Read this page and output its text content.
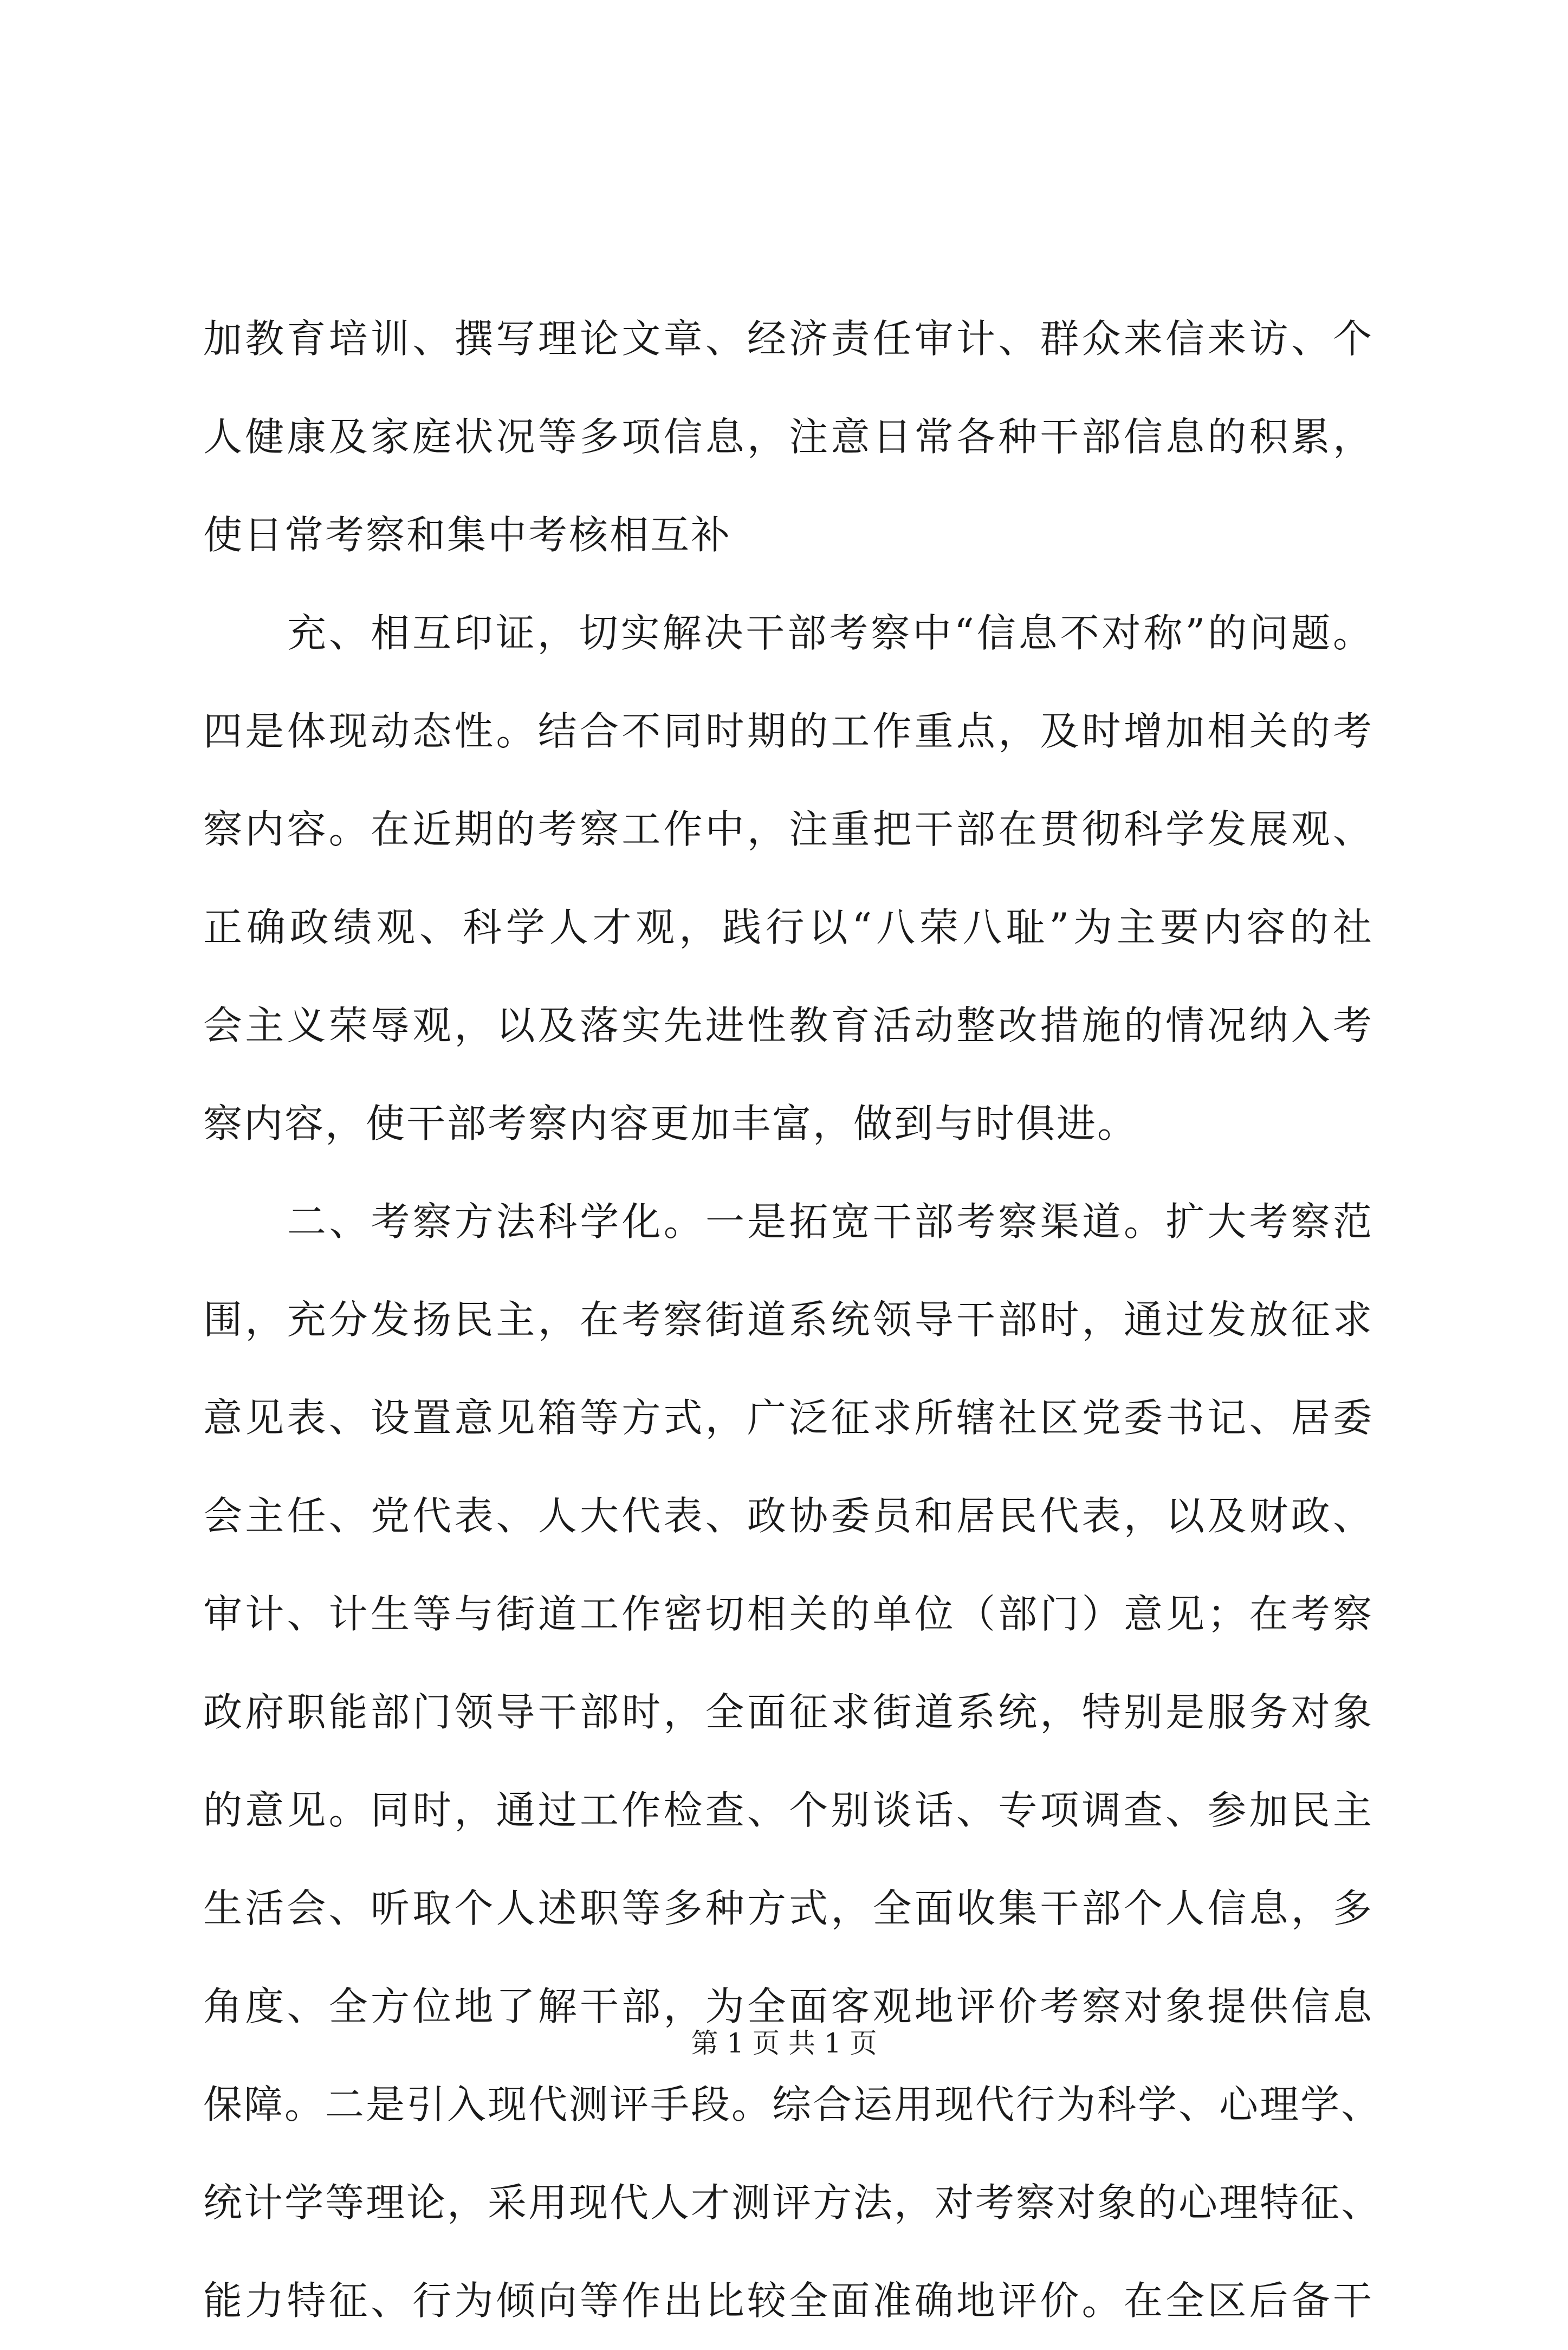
加教育培训、撰写理论文章、经济责任审计、群众来信来访、个
人健康及家庭状况等多项信息，注意日常各种干部信息的积累，
使日常考察和集中考核相互补
充、相互印证，切实解决干部考察中“信息不对称”的问题。
四是体现动态性。结合不同时期的工作重点，及时增加相关的考
察内容。在近期的考察工作中，注重把干部在贯彻科学发展观、
正确政绩观、科学人才观，践行以“八荣八耻”为主要内容的社
会主义荣辱观，以及落实先进性教育活动整改措施的情况纳入考
察内容，使干部考察内容更加丰富，做到与时俱进。
二、考察方法科学化。一是拓宽干部考察渠道。扩大考察范
围，充分发扬民主，在考察街道系统领导干部时，通过发放征求
意见表、设置意见箱等方式，广泛征求所辖社区党委书记、居委
会主任、党代表、人大代表、政协委员和居民代表，以及财政、
审计、计生等与街道工作密切相关的单位（部门）意见；在考察
政府职能部门领导干部时，全面征求街道系统，特别是服务对象
的意见。同时，通过工作检查、个别谈话、专项调查、参加民主
生活会、听取个人述职等多种方式，全面收集干部个人信息，多
角度、全方位地了解干部，为全面客观地评价考察对象提供信息
保障。二是引入现代测评手段。综合运用现代行为科学、心理学、
统计学等理论，采用现代人才测评方法，对考察对象的心理特征、
能力特征、行为倾向等作出比较全面准确地评价。在全区后备干
第 1 页 共 1 页
